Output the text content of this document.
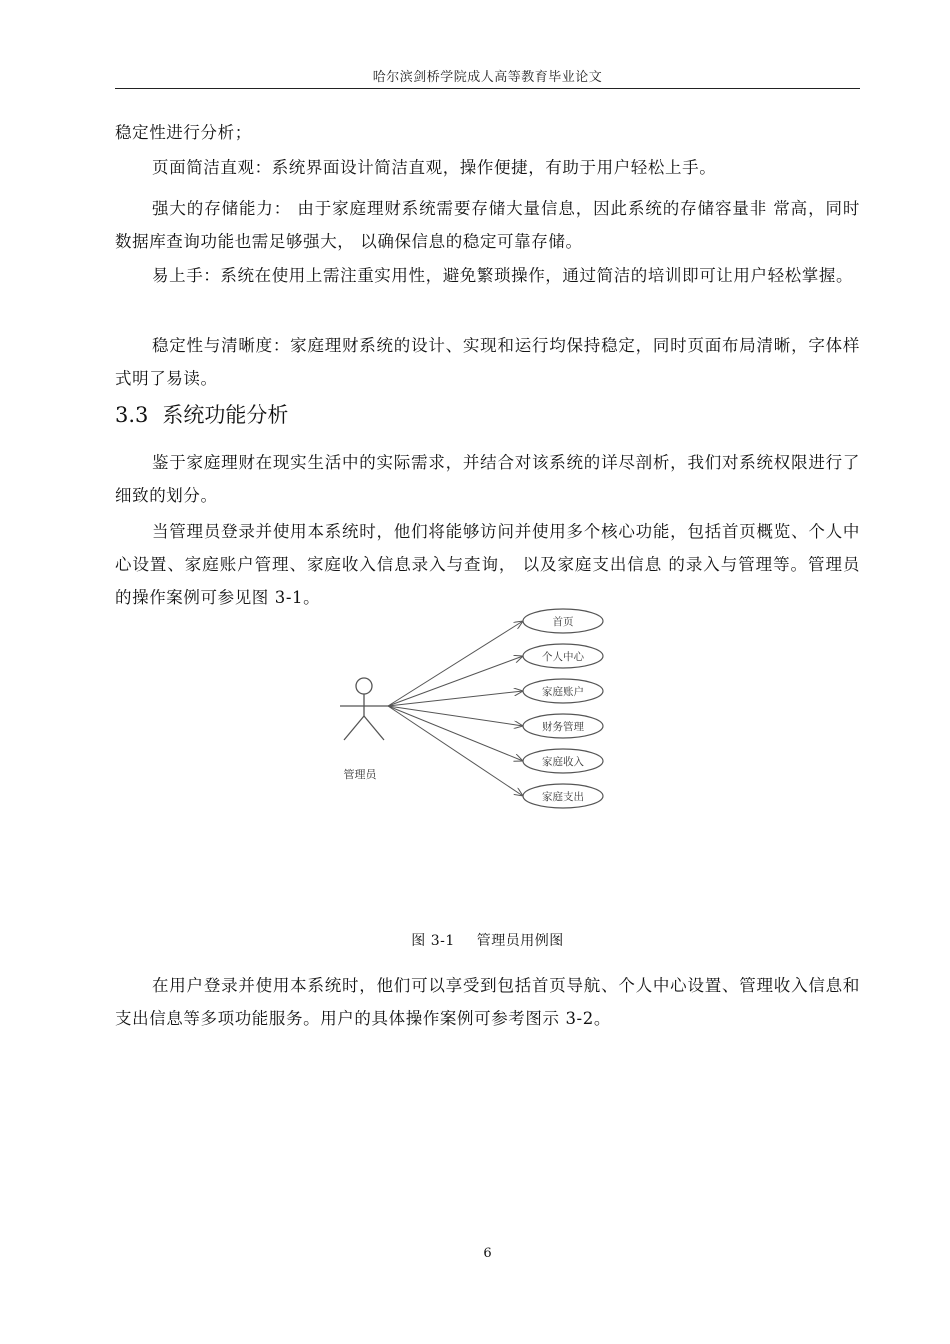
哈尔滨剑桥学院成人高等教育毕业论文

稳定性进行分析；

页面简洁直观：系统界面设计简洁直观，操作便捷，有助于用户轻松上手。

强大的存储能力： 由于家庭理财系统需要存储大量信息，因此系统的存储容量非 常高，同时数据库查询功能也需足够强大， 以确保信息的稳定可靠存储。

易上手：系统在使用上需注重实用性，避免繁琐操作，通过简洁的培训即可让用户轻松掌握。

稳定性与清晰度：家庭理财系统的设计、实现和运行均保持稳定，同时页面布局清晰，字体样式明了易读。

3.3 系统功能分析

鉴于家庭理财在现实生活中的实际需求，并结合对该系统的详尽剖析，我们对系统权限进行了细致的划分。

当管理员登录并使用本系统时，他们将能够访问并使用多个核心功能，包括首页概览、个人中心设置、家庭账户管理、家庭收入信息录入与查询， 以及家庭支出信息 的录入与管理等。管理员的操作案例可参见图 3-1。

管理员
首页
个人中心
家庭账户
财务管理
家庭收入
家庭支出
图 3-1 管理员用例图

在用户登录并使用本系统时，他们可以享受到包括首页导航、个人中心设置、管理收入信息和支出信息等多项功能服务。用户的具体操作案例可参考图示 3-2。

6
